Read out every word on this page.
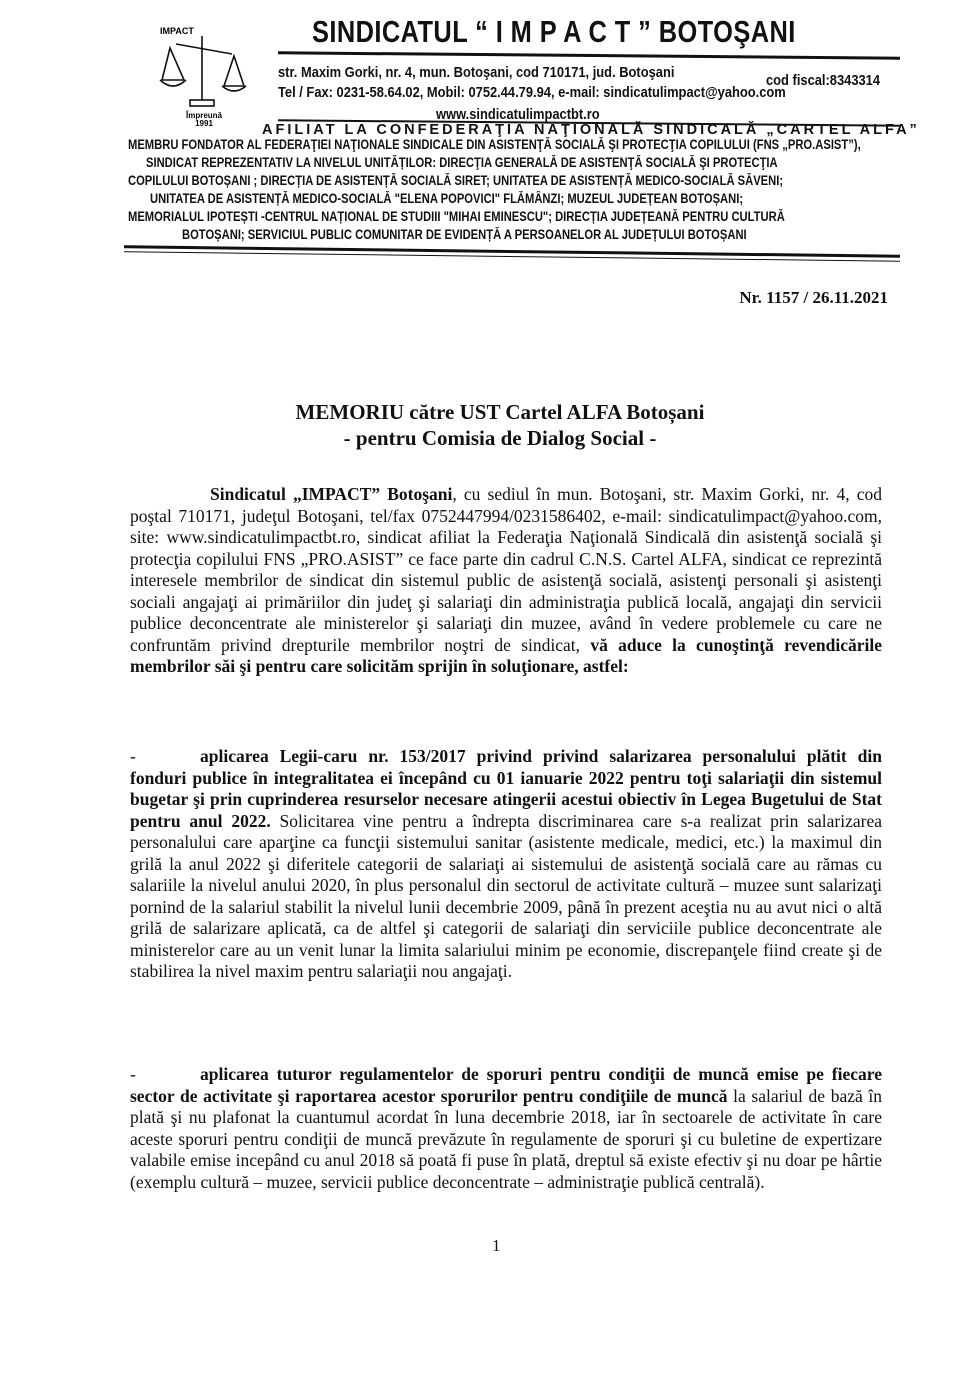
Împreună
1991
IMPACT	SINDICATUL “ I M P A C T ” BOTOŞANI
str. Maxim Gorki, nr. 4, mun. Botoşani, cod 710171, jud. Botoşani	cod fiscal:8343314
Tel / Fax: 0231-58.64.02, Mobil: 0752.44.79.94, e-mail: sindicatulimpact@yahoo.com
www.sindicatulimpactbt.ro
AFILIAT LA CONFEDERAŢIA NAŢIONALĂ SINDICALĂ „CARTEL ALFA”
MEMBRU FONDATOR AL FEDERAŢIEI NAŢIONALE SINDICALE DIN ASISTENŢĂ SOCIALĂ ŞI PROTECŢIA COPILULUI (FNS „PRO.ASIST”),
SINDICAT REPREZENTATIV LA NIVELUL UNITĂȚILOR: DIRECŢIA GENERALĂ DE ASISTENŢĂ SOCIALĂ ŞI PROTECŢIA
COPILULUI BOTOȘANI ; DIRECȚIA DE ASISTENȚĂ SOCIALĂ SIRET; UNITATEA DE ASISTENȚĂ MEDICO-SOCIALĂ SĂVENI;
UNITATEA DE ASISTENȚĂ MEDICO-SOCIALĂ "ELENA POPOVICI" FLĂMÂNZI; MUZEUL JUDEȚEAN BOTOȘANI;
MEMORIALUL IPOTEȘTI -CENTRUL NAȚIONAL DE STUDIII "MIHAI EMINESCU"; DIRECȚIA JUDEȚEANĂ PENTRU CULTURĂ
BOTOȘANI; SERVICIUL PUBLIC COMUNITAR DE EVIDENȚĂ A PERSOANELOR AL JUDEȚULUI BOTOȘANI
Nr. 1157 / 26.11.2021
MEMORIU către UST Cartel ALFA Botoșani
- pentru Comisia de Dialog Social -
Sindicatul „IMPACT” Botoşani, cu sediul în mun. Botoşani, str. Maxim Gorki, nr. 4, cod poştal 710171, judeţul Botoşani, tel/fax 0752447994/0231586402, e-mail: sindicatulimpact@yahoo.com, site: www.sindicatulimpactbt.ro, sindicat afiliat la Federaţia Naţională Sindicală din asistenţă socială şi protecţia copilului FNS „PRO.ASIST” ce face parte din cadrul C.N.S. Cartel ALFA, sindicat ce reprezintă interesele membrilor de sindicat din sistemul public de asistenţă socială, asistenţi personali şi asistenţi sociali angajaţi ai primăriilor din judeţ şi salariaţi din administraţia publică locală, angajaţi din servicii publice deconcentrate ale ministerelor şi salariaţi din muzee, având în vedere problemele cu care ne confruntăm privind drepturile membrilor noştri de sindicat, vă aduce la cunoştinţă revendicările membrilor săi şi pentru care solicităm sprijin în soluţionare, astfel:
-	aplicarea Legii-caru nr. 153/2017 privind privind salarizarea personalului plătit din fonduri publice în integralitatea ei începând cu 01 ianuarie 2022 pentru toţi salariaţii din sistemul bugetar şi prin cuprinderea resurselor necesare atingerii acestui obiectiv în Legea Bugetului de Stat pentru anul 2022. Solicitarea vine pentru a îndrepta discriminarea care s-a realizat prin salarizarea personalului care aparţine ca funcţii sistemului sanitar (asistente medicale, medici, etc.) la maximul din grilă la anul 2022 şi diferitele categorii de salariaţi ai sistemului de asistenţă socială care au rămas cu salariile la nivelul anului 2020, în plus personalul din sectorul de activitate cultură – muzee sunt salarizaţi pornind de la salariul stabilit la nivelul lunii decembrie 2009, până în prezent aceştia nu au avut nici o altă grilă de salarizare aplicată, ca de altfel şi categorii de salariaţi din serviciile publice deconcentrate ale ministerelor care au un venit lunar la limita salariului minim pe economie, discrepanţele fiind create şi de stabilirea la nivel maxim pentru salariaţii nou angajaţi.
-	aplicarea tuturor regulamentelor de sporuri pentru condiţii de muncă emise pe fiecare sector de activitate şi raportarea acestor sporurilor pentru condiţiile de muncă la salariul de bază în plată şi nu plafonat la cuantumul acordat în luna decembrie 2018, iar în sectoarele de activitate în care aceste sporuri pentru condiţii de muncă prevăzute în regulamente de sporuri şi cu buletine de expertizare valabile emise incepând cu anul 2018 să poată fi puse în plată, dreptul să existe efectiv şi nu doar pe hârtie (exemplu cultură – muzee, servicii publice deconcentrate – administraţie publică centrală).
1
